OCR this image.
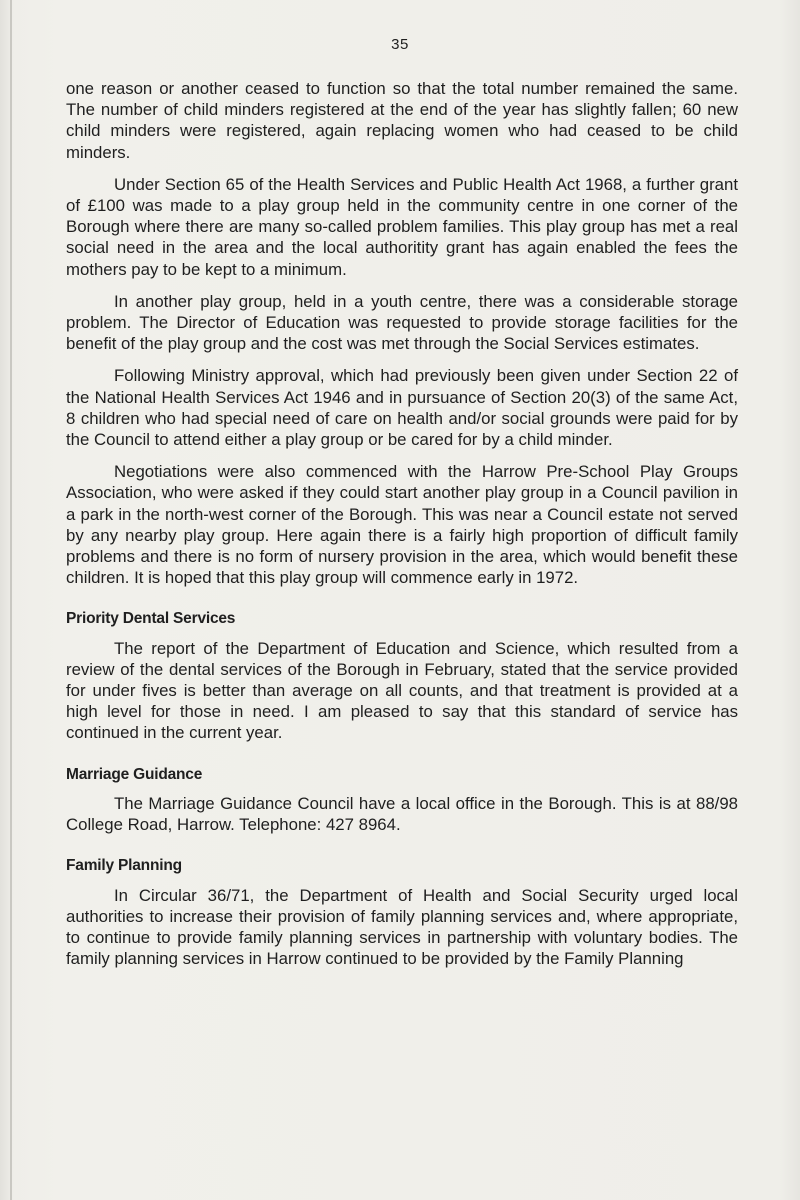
35

one reason or another ceased to function so that the total number remained the same. The number of child minders registered at the end of the year has slightly fallen; 60 new child minders were registered, again replacing women who had ceased to be child minders.

Under Section 65 of the Health Services and Public Health Act 1968, a further grant of £100 was made to a play group held in the community centre in one corner of the Borough where there are many so-called problem families. This play group has met a real social need in the area and the local authoritity grant has again enabled the fees the mothers pay to be kept to a minimum.

In another play group, held in a youth centre, there was a considerable storage problem. The Director of Education was requested to provide storage facilities for the benefit of the play group and the cost was met through the Social Services estimates.

Following Ministry approval, which had previously been given under Section 22 of the National Health Services Act 1946 and in pursuance of Section 20(3) of the same Act, 8 children who had special need of care on health and/or social grounds were paid for by the Council to attend either a play group or be cared for by a child minder.

Negotiations were also commenced with the Harrow Pre-School Play Groups Association, who were asked if they could start another play group in a Council pavilion in a park in the north-west corner of the Borough. This was near a Council estate not served by any nearby play group. Here again there is a fairly high proportion of difficult family problems and there is no form of nursery provision in the area, which would benefit these children. It is hoped that this play group will commence early in 1972.

Priority Dental Services

The report of the Department of Education and Science, which resulted from a review of the dental services of the Borough in February, stated that the service provided for under fives is better than average on all counts, and that treatment is provided at a high level for those in need. I am pleased to say that this standard of service has continued in the current year.

Marriage Guidance

The Marriage Guidance Council have a local office in the Borough. This is at 88/98 College Road, Harrow. Telephone: 427 8964.

Family Planning

In Circular 36/71, the Department of Health and Social Security urged local authorities to increase their provision of family planning services and, where appropriate, to continue to provide family planning services in partnership with voluntary bodies. The family planning services in Harrow continued to be provided by the Family Planning
